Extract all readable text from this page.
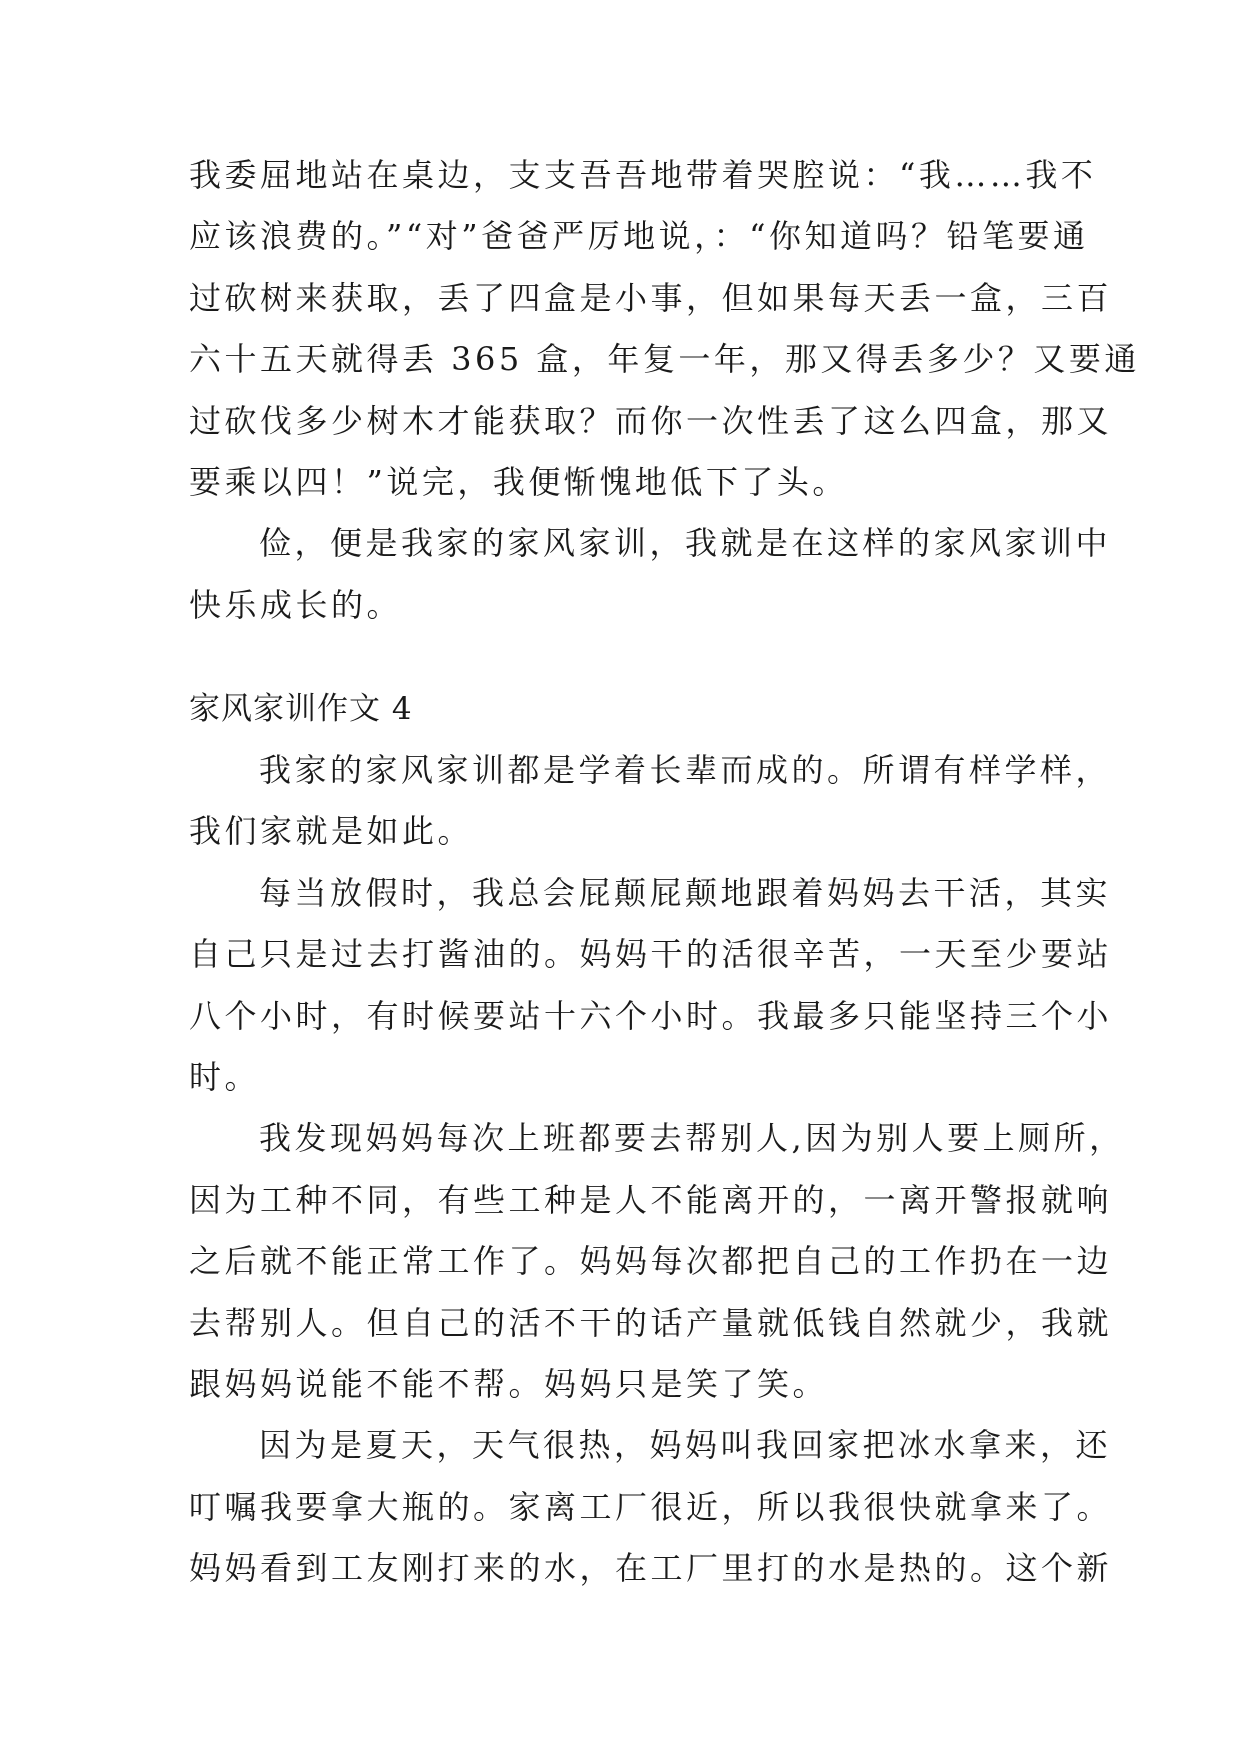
我委屈地站在桌边，支支吾吾地带着哭腔说：“我……我不
应该浪费的。”“对”爸爸严厉地说，：“你知道吗？铅笔要通
过砍树来获取，丢了四盒是小事，但如果每天丢一盒，三百
六十五天就得丢 365 盒，年复一年，那又得丢多少？又要通
过砍伐多少树木才能获取？而你一次性丢了这么四盒，那又
要乘以四！”说完，我便惭愧地低下了头。
俭，便是我家的家风家训，我就是在这样的家风家训中
快乐成长的。
家风家训作文 4
我家的家风家训都是学着长辈而成的。所谓有样学样，
我们家就是如此。
每当放假时，我总会屁颠屁颠地跟着妈妈去干活，其实
自己只是过去打酱油的。妈妈干的活很辛苦，一天至少要站
八个小时，有时候要站十六个小时。我最多只能坚持三个小
时。
我发现妈妈每次上班都要去帮别人,因为别人要上厕所，
因为工种不同，有些工种是人不能离开的，一离开警报就响
之后就不能正常工作了。妈妈每次都把自己的工作扔在一边
去帮别人。但自己的活不干的话产量就低钱自然就少，我就
跟妈妈说能不能不帮。妈妈只是笑了笑。
因为是夏天，天气很热，妈妈叫我回家把冰水拿来，还
叮嘱我要拿大瓶的。家离工厂很近，所以我很快就拿来了。
妈妈看到工友刚打来的水，在工厂里打的水是热的。这个新
